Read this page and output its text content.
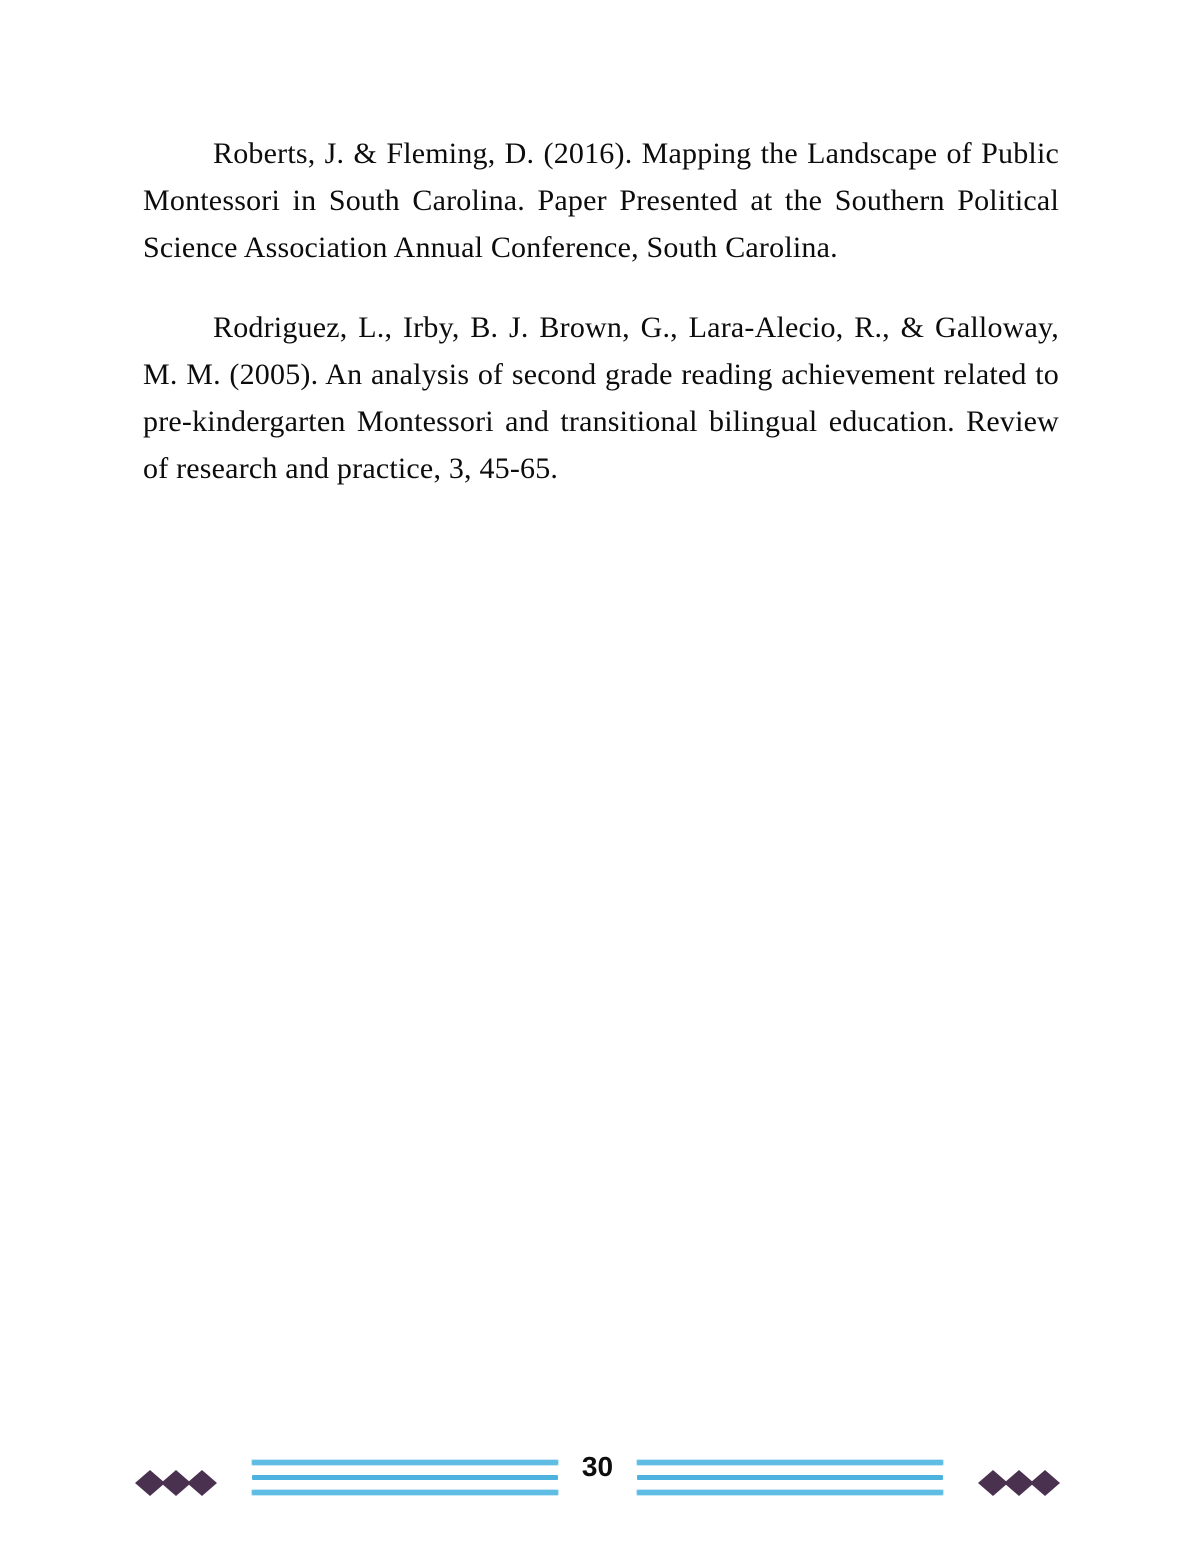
Roberts, J. & Fleming, D. (2016). Mapping the Landscape of Public Montessori in South Carolina. Paper Presented at the Southern Political Science Association Annual Conference, South Carolina.

Rodriguez, L., Irby, B. J. Brown, G., Lara-Alecio, R., & Galloway, M. M. (2005). An analysis of second grade reading achievement related to pre-kindergarten Montessori and transitional bilingual education. Review of research and practice, 3, 45-65.

30
